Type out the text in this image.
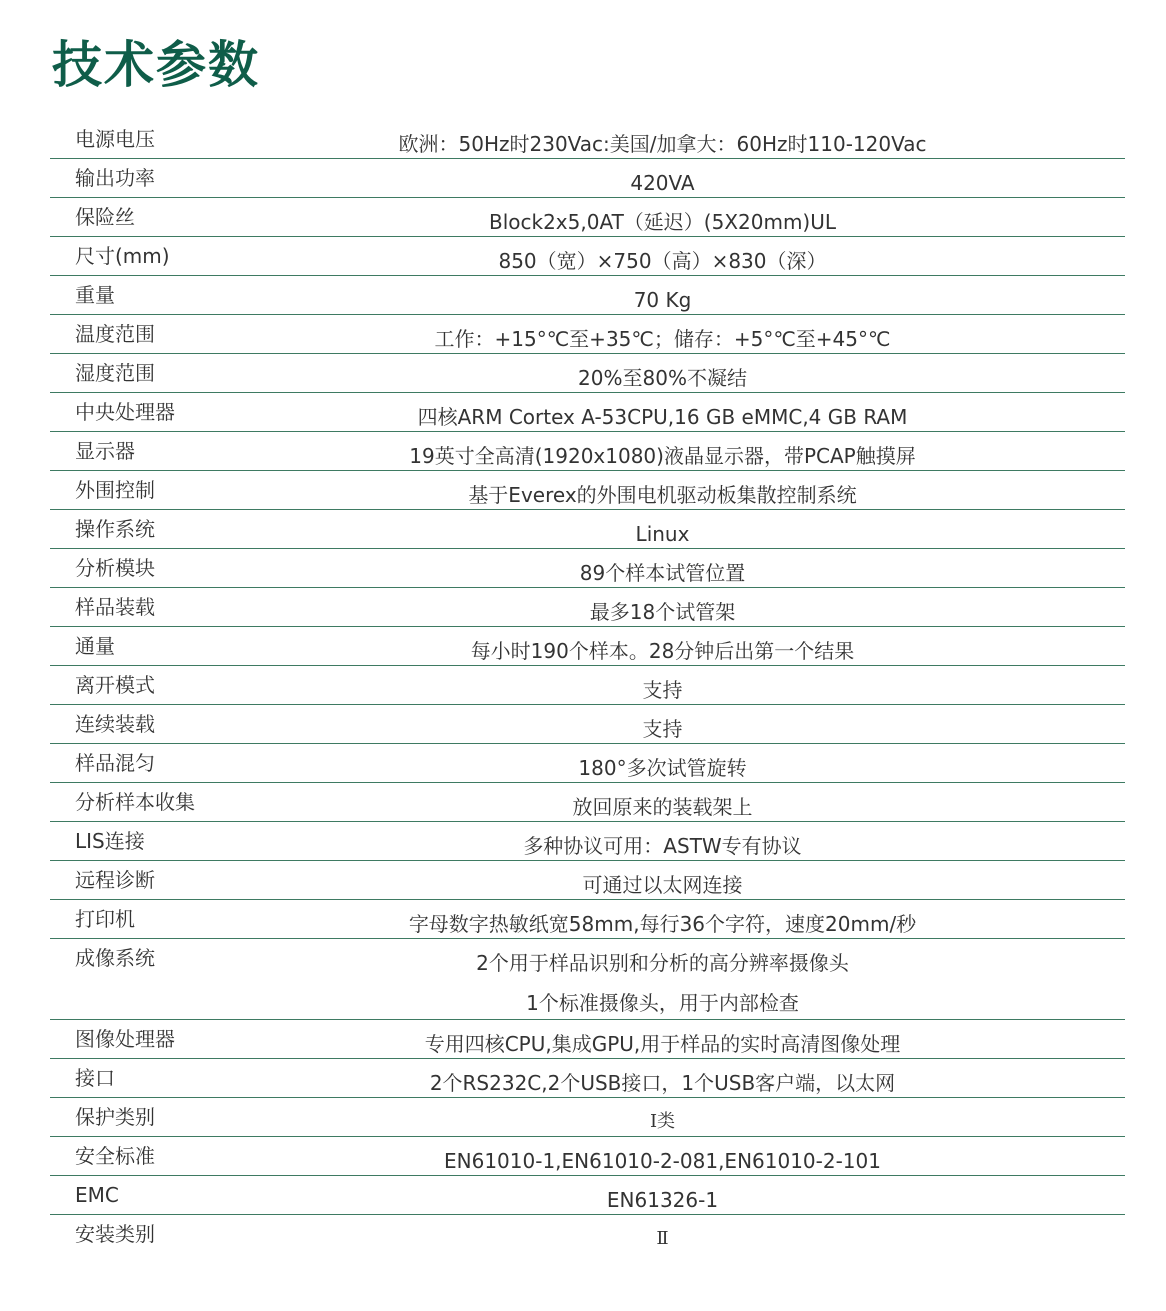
技术参数
电源电压	欧洲：50Hz时230Vac:美国/加拿大：60Hz时110-120Vac
输出功率	420VA
保险丝	Block2x5,0AT（延迟）(5X20mm)UL
尺寸(mm)	850（宽）×750（高）×830（深）
重量	70 Kg
温度范围	工作：+15°℃至+35℃；储存：+5°℃至+45°℃
湿度范围	20%至80%不凝结
中央处理器	四核ARM Cortex A-53CPU,16 GB eMMC,4 GB RAM
显示器	19英寸全高清(1920x1080)液晶显示器，带PCAP触摸屏
外围控制	基于Everex的外围电机驱动板集散控制系统
操作系统	Linux
分析模块	89个样本试管位置
样品装载	最多18个试管架
通量	每小时190个样本。28分钟后出第一个结果
离开模式	支持
连续装载	支持
样品混匀	180°多次试管旋转
分析样本收集	放回原来的装载架上
LIS连接	多种协议可用：ASTW专有协议
远程诊断	可通过以太网连接
打印机	字母数字热敏纸宽58mm,每行36个字符，速度20mm/秒
成像系统	2个用于样品识别和分析的高分辨率摄像头
1个标准摄像头，用于内部检查
图像处理器	专用四核CPU,集成GPU,用于样品的实时高清图像处理
接口	2个RS232C,2个USB接口，1个USB客户端，以太网
保护类别	Ⅰ类
安全标准	EN61010-1,EN61010-2-081,EN61010-2-101
EMC	EN61326-1
安装类别	Ⅱ
